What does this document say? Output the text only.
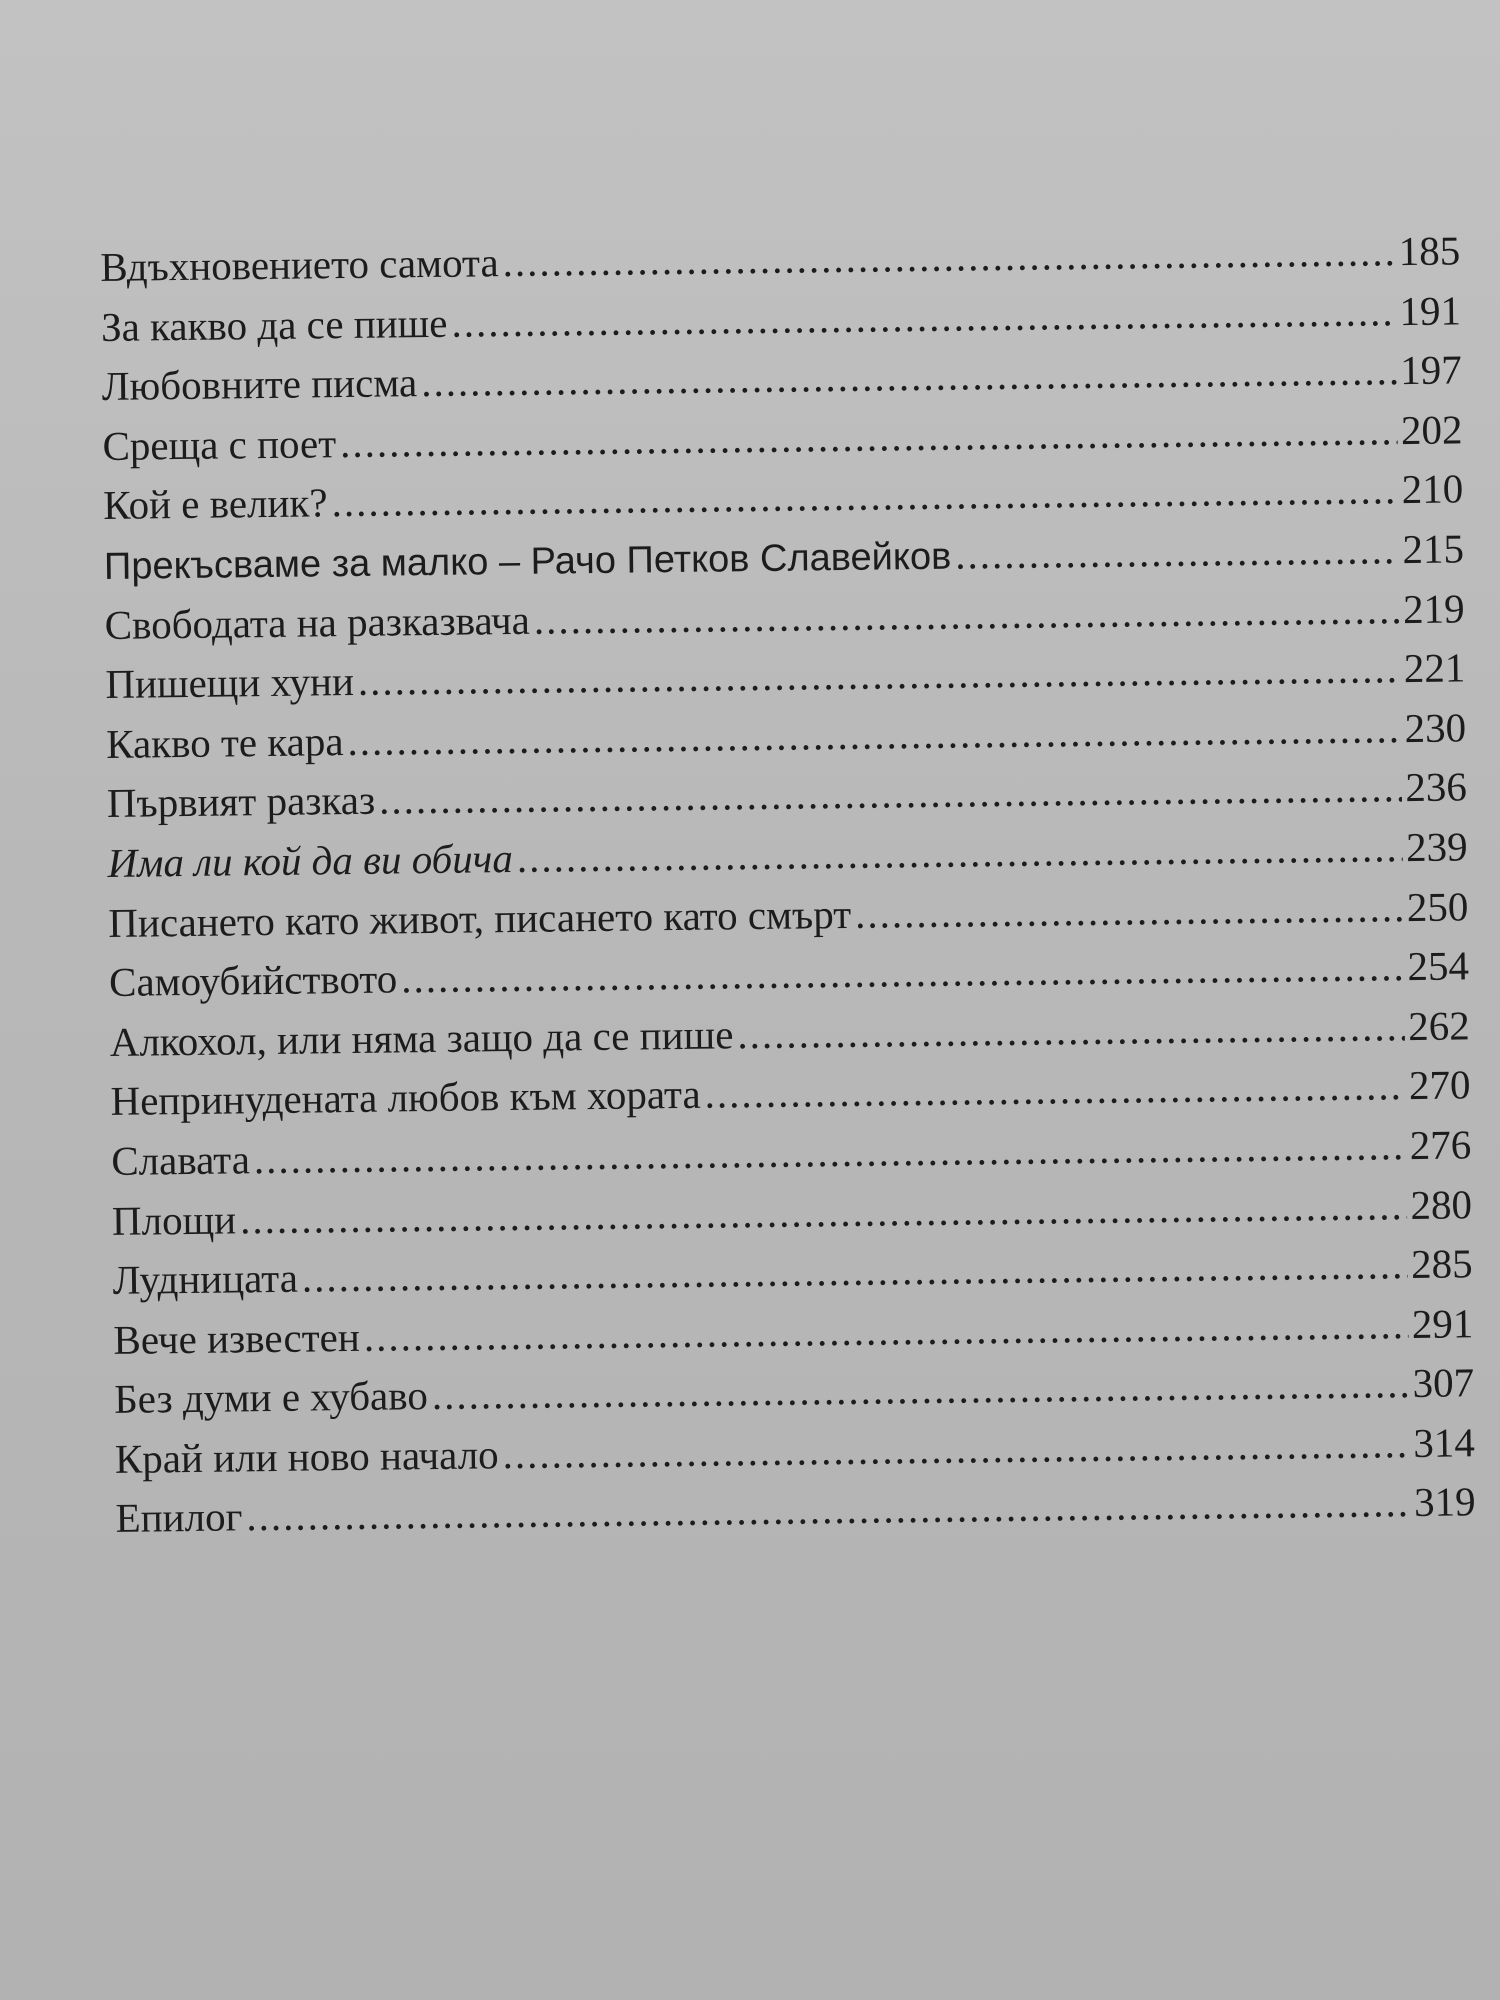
Вдъхновението самота .....	185
За какво да се пише .....	191
Любовните писма .....	197
Среща с поет .....	202
Кой е велик? .....	210
Прекъсваме за малко – Рачо Петков Славейков .....	215
Свободата на разказвача .....	219
Пишещи хуни .....	221
Какво те кара .....	230
Първият разказ .....	236
Има ли кой да ви обича .....	239
Писането като живот, писането като смърт .....	250
Самоубийството .....	254
Алкохол, или няма защо да се пише .....	262
Непринудената любов към хората .....	270
Славата .....	276
Площи .....	280
Лудницата .....	285
Вече известен .....	291
Без думи е хубаво .....	307
Край или ново начало .....	314
Епилог .....	319
